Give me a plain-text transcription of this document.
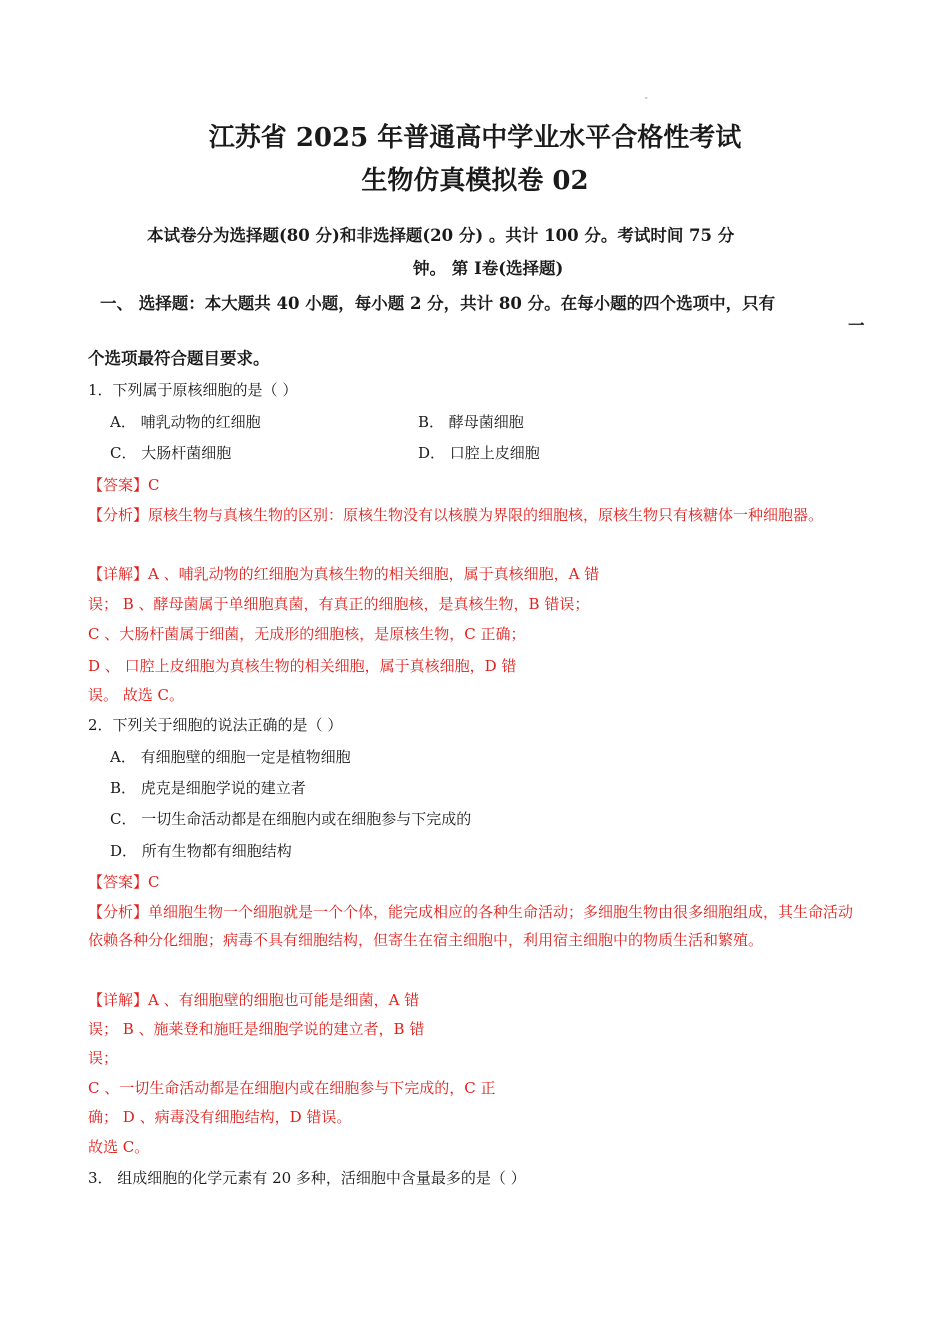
"
江苏省 2025 年普通高中学业水平合格性考试
生物仿真模拟卷 02
本试卷分为选择题(80 分)和非选择题(20 分) 。共计 100 分。考试时间 75 分
钟。 第 Ⅰ卷(选择题)
一、 选择题：本大题共 40 小题，每小题 2 分，共计 80 分。在每小题的四个选项中，只有
一
个选项最符合题目要求。
1．下列属于原核细胞的是（ ）
A． 哺乳动物的红细胞	B． 酵母菌细胞
C． 大肠杆菌细胞	D． 口腔上皮细胞
【答案】C
【分析】原核生物与真核生物的区别：原核生物没有以核膜为界限的细胞核，原核生物只有核糖体一种细胞器。
【详解】A 、哺乳动物的红细胞为真核生物的相关细胞，属于真核细胞，A 错
误； B 、酵母菌属于单细胞真菌，有真正的细胞核，是真核生物，B 错误；
C 、大肠杆菌属于细菌，无成形的细胞核，是原核生物，C 正确；
D 、 口腔上皮细胞为真核生物的相关细胞，属于真核细胞，D 错
误。 故选 C。
2．下列关于细胞的说法正确的是（ ）
A． 有细胞壁的细胞一定是植物细胞
B． 虎克是细胞学说的建立者
C． 一切生命活动都是在细胞内或在细胞参与下完成的
D． 所有生物都有细胞结构
【答案】C
【分析】单细胞生物一个细胞就是一个个体，能完成相应的各种生命活动；多细胞生物由很多细胞组成，其生命活动依赖各种分化细胞；病毒不具有细胞结构，但寄生在宿主细胞中，利用宿主细胞中的物质生活和繁殖。
【详解】A 、有细胞壁的细胞也可能是细菌，A 错
误； B 、施莱登和施旺是细胞学说的建立者，B 错
误；
C 、一切生命活动都是在细胞内或在细胞参与下完成的，C 正
确； D 、病毒没有细胞结构，D 错误。
故选 C。
3． 组成细胞的化学元素有 20 多种，活细胞中含量最多的是（ ）
